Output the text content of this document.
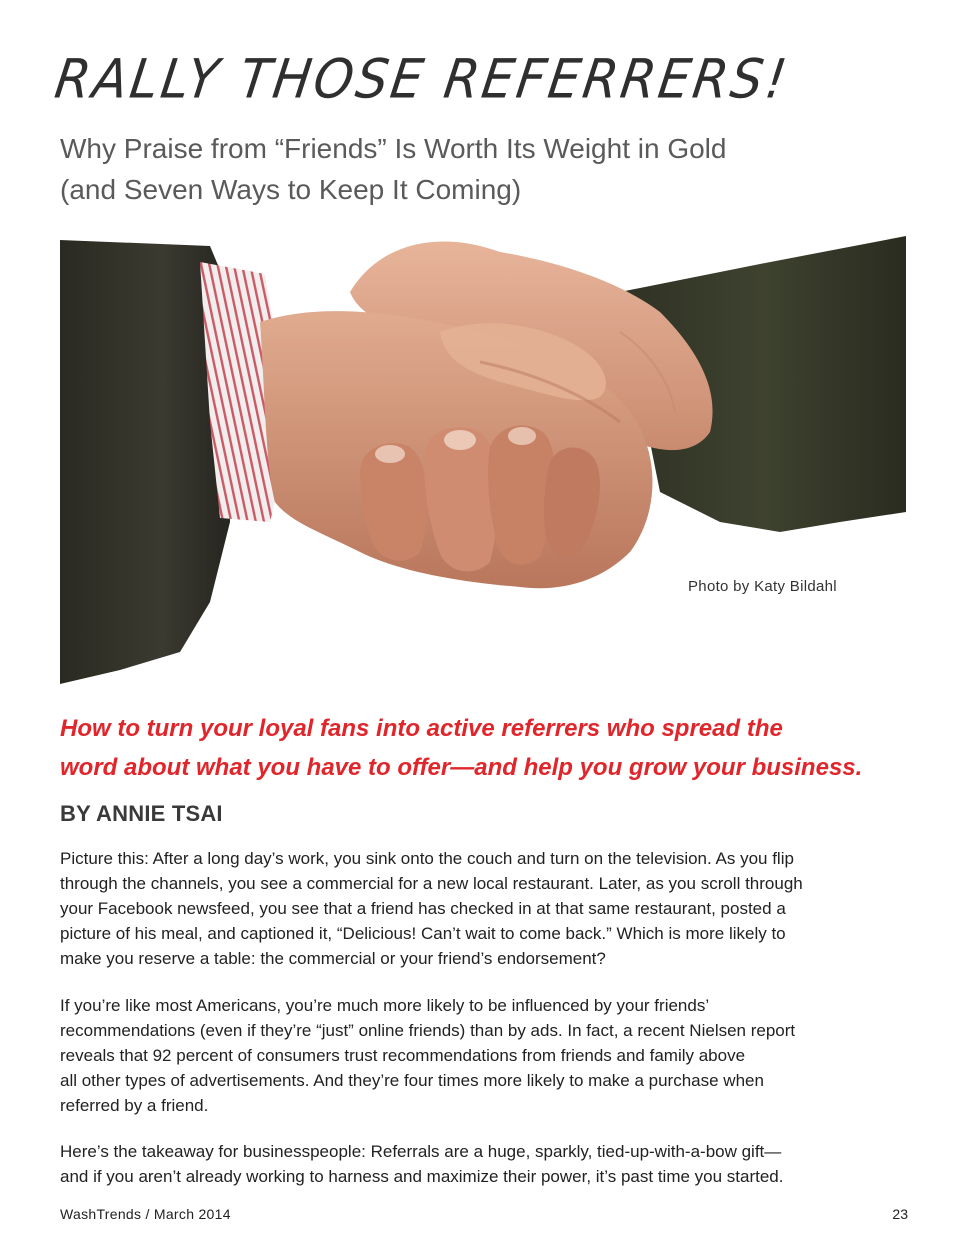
RALLY THOSE REFERRERS!
Why Praise from “Friends” Is Worth Its Weight in Gold
(and Seven Ways to Keep It Coming)
Photo by Katy Bildahl
How to turn your loyal fans into active referrers who spread the
word about what you have to offer—and help you grow your business.
BY ANNIE TSAI

Picture this: After a long day’s work, you sink onto the couch and turn on the television. As you flip
through the channels, you see a commercial for a new local restaurant. Later, as you scroll through
your Facebook newsfeed, you see that a friend has checked in at that same restaurant, posted a
picture of his meal, and captioned it, “Delicious! Can’t wait to come back.” Which is more likely to
make you reserve a table: the commercial or your friend’s endorsement?

If you’re like most Americans, you’re much more likely to be influenced by your friends’
recommendations (even if they’re “just” online friends) than by ads. In fact, a recent Nielsen report
reveals that 92 percent of consumers trust recommendations from friends and family above
all other types of advertisements. And they’re four times more likely to make a purchase when
referred by a friend.

Here’s the takeaway for businesspeople: Referrals are a huge, sparkly, tied-up-with-a-bow gift—
and if you aren’t already working to harness and maximize their power, it’s past time you started.

WashTrends / March 2014	23
